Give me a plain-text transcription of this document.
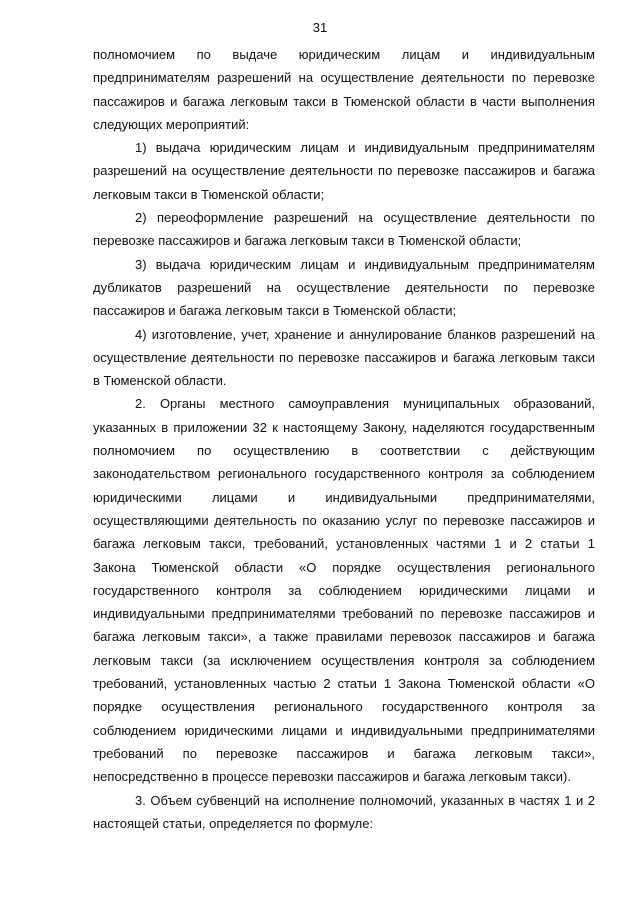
31

полномочием по выдаче юридическим лицам и индивидуальным предпринимателям разрешений на осуществление деятельности по перевозке пассажиров и багажа легковым такси в Тюменской области в части выполнения следующих мероприятий:

1) выдача юридическим лицам и индивидуальным предпринимателям разрешений на осуществление деятельности по перевозке пассажиров и багажа легковым такси в Тюменской области;

2) переоформление разрешений на осуществление деятельности по перевозке пассажиров и багажа легковым такси в Тюменской области;

3) выдача юридическим лицам и индивидуальным предпринимателям дубликатов разрешений на осуществление деятельности по перевозке пассажиров и багажа легковым такси в Тюменской области;

4) изготовление, учет, хранение и аннулирование бланков разрешений на осуществление деятельности по перевозке пассажиров и багажа легковым такси в Тюменской области.

2. Органы местного самоуправления муниципальных образований, указанных в приложении 32 к настоящему Закону, наделяются государственным полномочием по осуществлению в соответствии с действующим законодательством регионального государственного контроля за соблюдением юридическими лицами и индивидуальными предпринимателями, осуществляющими деятельность по оказанию услуг по перевозке пассажиров и багажа легковым такси, требований, установленных частями 1 и 2 статьи 1 Закона Тюменской области «О порядке осуществления регионального государственного контроля за соблюдением юридическими лицами и индивидуальными предпринимателями требований по перевозке пассажиров и багажа легковым такси», а также правилами перевозок пассажиров и багажа легковым такси (за исключением осуществления контроля за соблюдением требований, установленных частью 2 статьи 1 Закона Тюменской области «О порядке осуществления регионального государственного контроля за соблюдением юридическими лицами и индивидуальными предпринимателями требований по перевозке пассажиров и багажа легковым такси», непосредственно в процессе перевозки пассажиров и багажа легковым такси).

3. Объем субвенций на исполнение полномочий, указанных в частях 1 и 2 настоящей статьи, определяется по формуле:
